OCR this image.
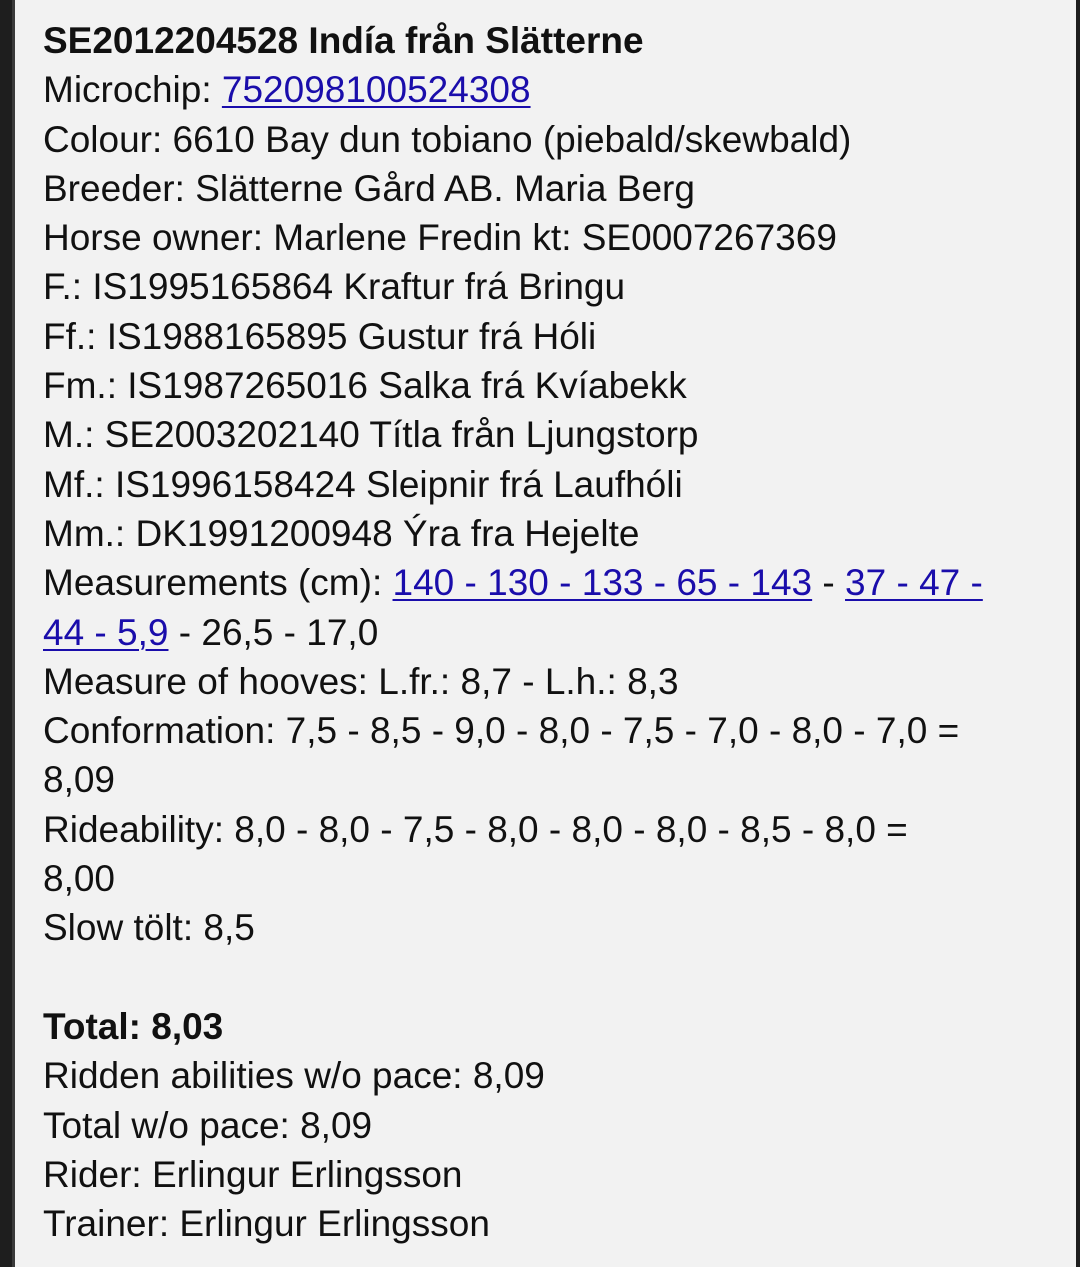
SE2012204528 Indía från Slätterne
Microchip: 752098100524308
Colour: 6610 Bay dun tobiano (piebald/skewbald)
Breeder: Slätterne Gård AB. Maria Berg
Horse owner: Marlene Fredin kt: SE0007267369
F.: IS1995165864 Kraftur frá Bringu
Ff.: IS1988165895 Gustur frá Hóli
Fm.: IS1987265016 Salka frá Kvíabekk
M.: SE2003202140 Títla från Ljungstorp
Mf.: IS1996158424 Sleipnir frá Laufhóli
Mm.: DK1991200948 Ýra fra Hejelte
Measurements (cm): 140 - 130 - 133 - 65 - 143 - 37 - 47 -
44 - 5,9 - 26,5 - 17,0
Measure of hooves: L.fr.: 8,7 - L.h.: 8,3
Conformation: 7,5 - 8,5 - 9,0 - 8,0 - 7,5 - 7,0 - 8,0 - 7,0 =
8,09
Rideability: 8,0 - 8,0 - 7,5 - 8,0 - 8,0 - 8,0 - 8,5 - 8,0 =
8,00
Slow tölt: 8,5
Total: 8,03
Ridden abilities w/o pace: 8,09
Total w/o pace: 8,09
Rider: Erlingur Erlingsson
Trainer: Erlingur Erlingsson
